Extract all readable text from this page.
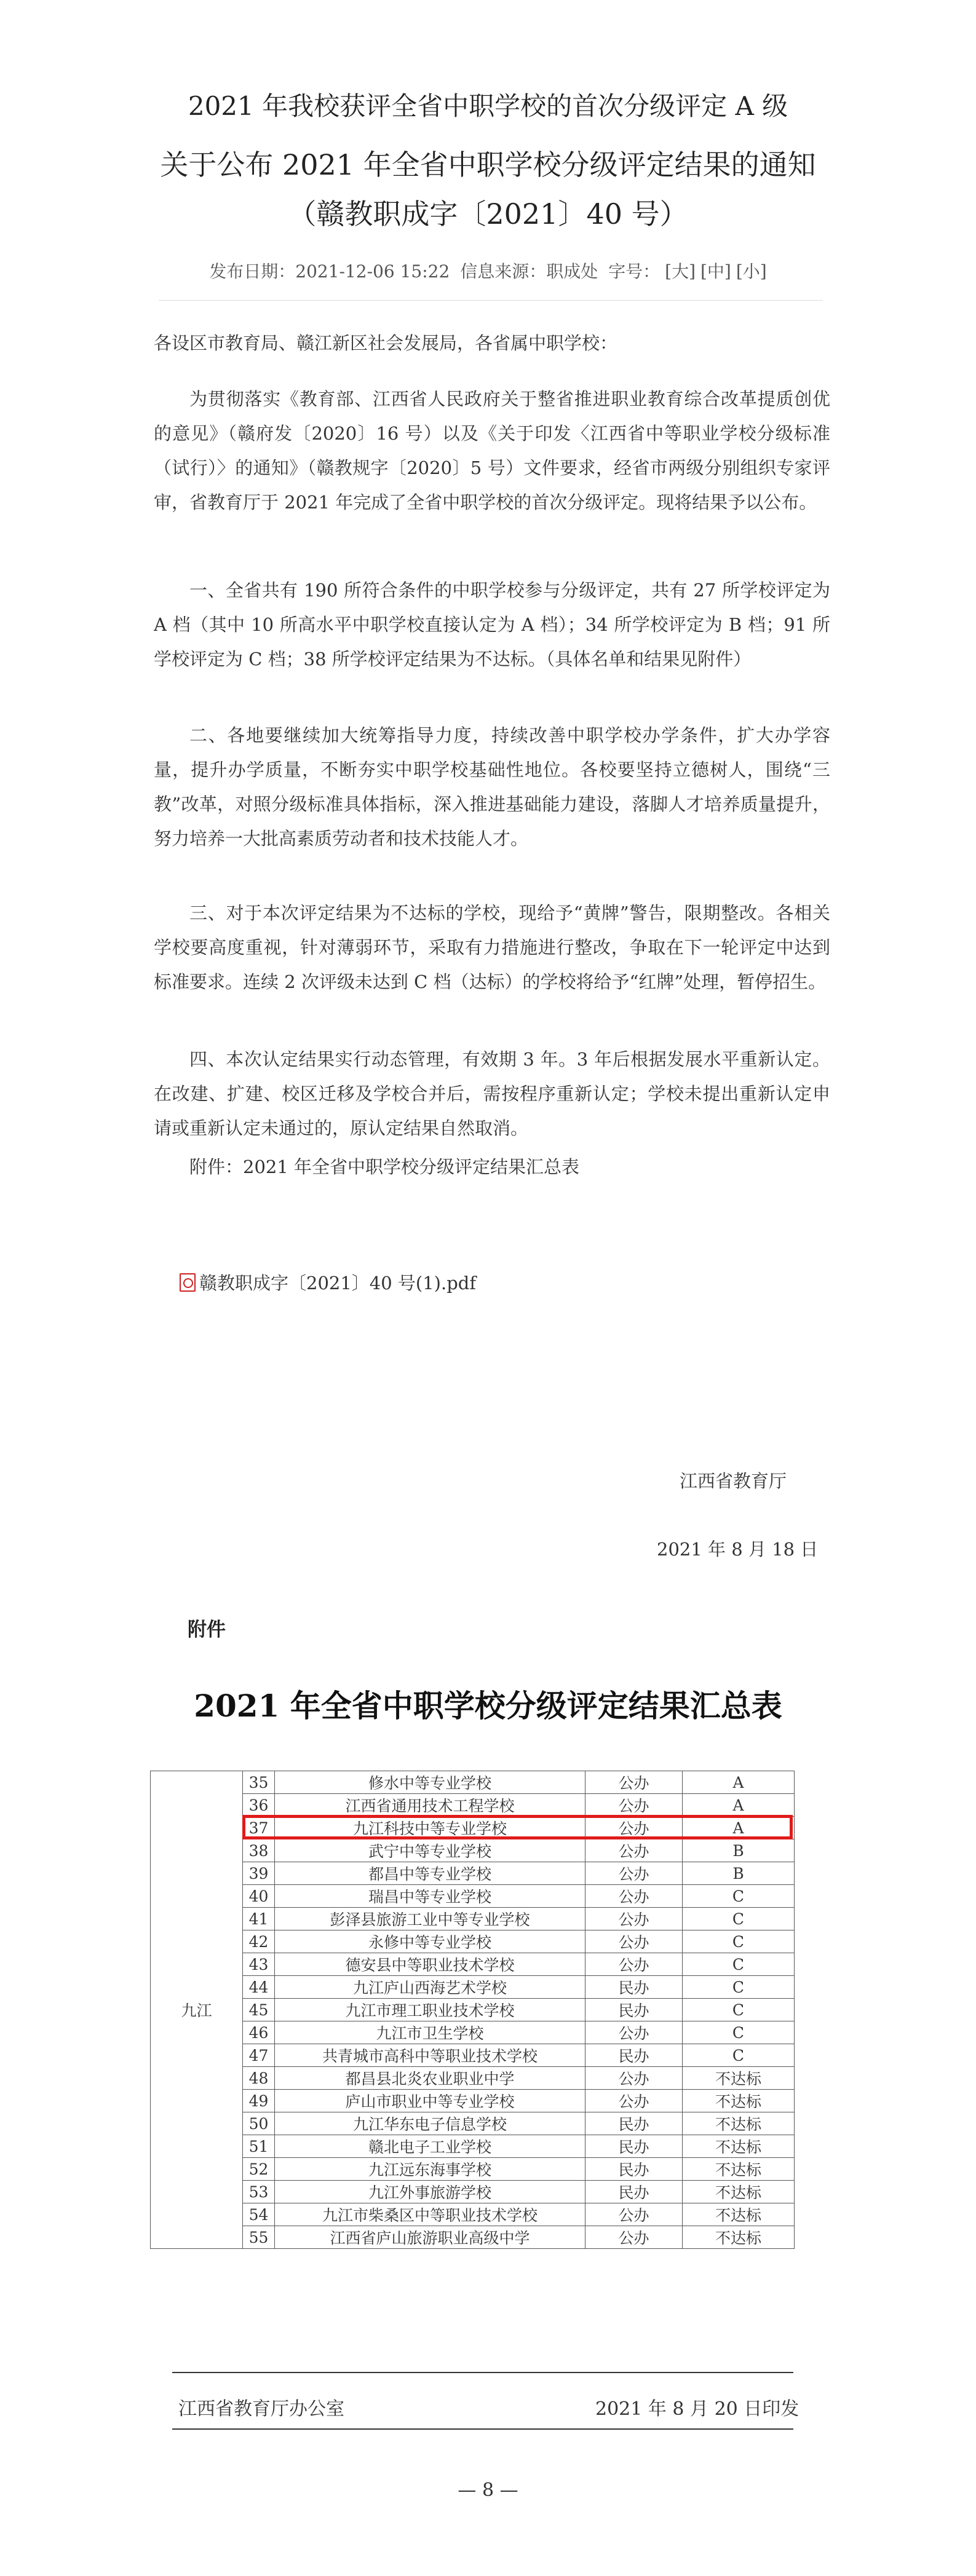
2021 年我校获评全省中职学校的首次分级评定 A 级
关于公布 2021 年全省中职学校分级评定结果的通知
（赣教职成字〔2021〕40 号）
发布日期：2021-12-06 15:22 信息来源：职成处 字号： [大] [中] [小]
各设区市教育局、赣江新区社会发展局，各省属中职学校：
为贯彻落实《教育部、江西省人民政府关于整省推进职业教育综合改革提质创优的意见》（赣府发〔2020〕16 号）以及《关于印发〈江西省中等职业学校分级标准（试行）〉的通知》（赣教规字〔2020〕5 号）文件要求，经省市两级分别组织专家评审，省教育厅于 2021 年完成了全省中职学校的首次分级评定。现将结果予以公布。
一、全省共有 190 所符合条件的中职学校参与分级评定，共有 27 所学校评定为 A 档（其中 10 所高水平中职学校直接认定为 A 档）；34 所学校评定为 B 档；91 所学校评定为 C 档；38 所学校评定结果为不达标。（具体名单和结果见附件）
二、各地要继续加大统筹指导力度，持续改善中职学校办学条件，扩大办学容量，提升办学质量，不断夯实中职学校基础性地位。各校要坚持立德树人，围绕“三教”改革，对照分级标准具体指标，深入推进基础能力建设，落脚人才培养质量提升，努力培养一大批高素质劳动者和技术技能人才。
三、对于本次评定结果为不达标的学校，现给予“黄牌”警告，限期整改。各相关学校要高度重视，针对薄弱环节，采取有力措施进行整改，争取在下一轮评定中达到标准要求。连续 2 次评级未达到 C 档（达标）的学校将给予“红牌”处理，暂停招生。
四、本次认定结果实行动态管理，有效期 3 年。3 年后根据发展水平重新认定。在改建、扩建、校区迁移及学校合并后，需按程序重新认定；学校未提出重新认定申请或重新认定未通过的，原认定结果自然取消。
附件：2021 年全省中职学校分级评定结果汇总表
赣教职成字〔2021〕40 号(1).pdf
江西省教育厅
2021 年 8 月 18 日
附件
2021 年全省中职学校分级评定结果汇总表
九江	35	修水中等专业学校	公办	A
	36	江西省通用技术工程学校	公办	A
	37	九江科技中等专业学校	公办	A
	38	武宁中等专业学校	公办	B
	39	都昌中等专业学校	公办	B
	40	瑞昌中等专业学校	公办	C
	41	彭泽县旅游工业中等专业学校	公办	C
	42	永修中等专业学校	公办	C
	43	德安县中等职业技术学校	公办	C
	44	九江庐山西海艺术学校	民办	C
	45	九江市理工职业技术学校	民办	C
	46	九江市卫生学校	公办	C
	47	共青城市高科中等职业技术学校	民办	C
	48	都昌县北炎农业职业中学	公办	不达标
	49	庐山市职业中等专业学校	公办	不达标
	50	九江华东电子信息学校	民办	不达标
	51	赣北电子工业学校	民办	不达标
	52	九江远东海事学校	民办	不达标
	53	九江外事旅游学校	民办	不达标
	54	九江市柴桑区中等职业技术学校	公办	不达标
	55	江西省庐山旅游职业高级中学	公办	不达标
江西省教育厅办公室	2021 年 8 月 20 日印发
— 8 —
